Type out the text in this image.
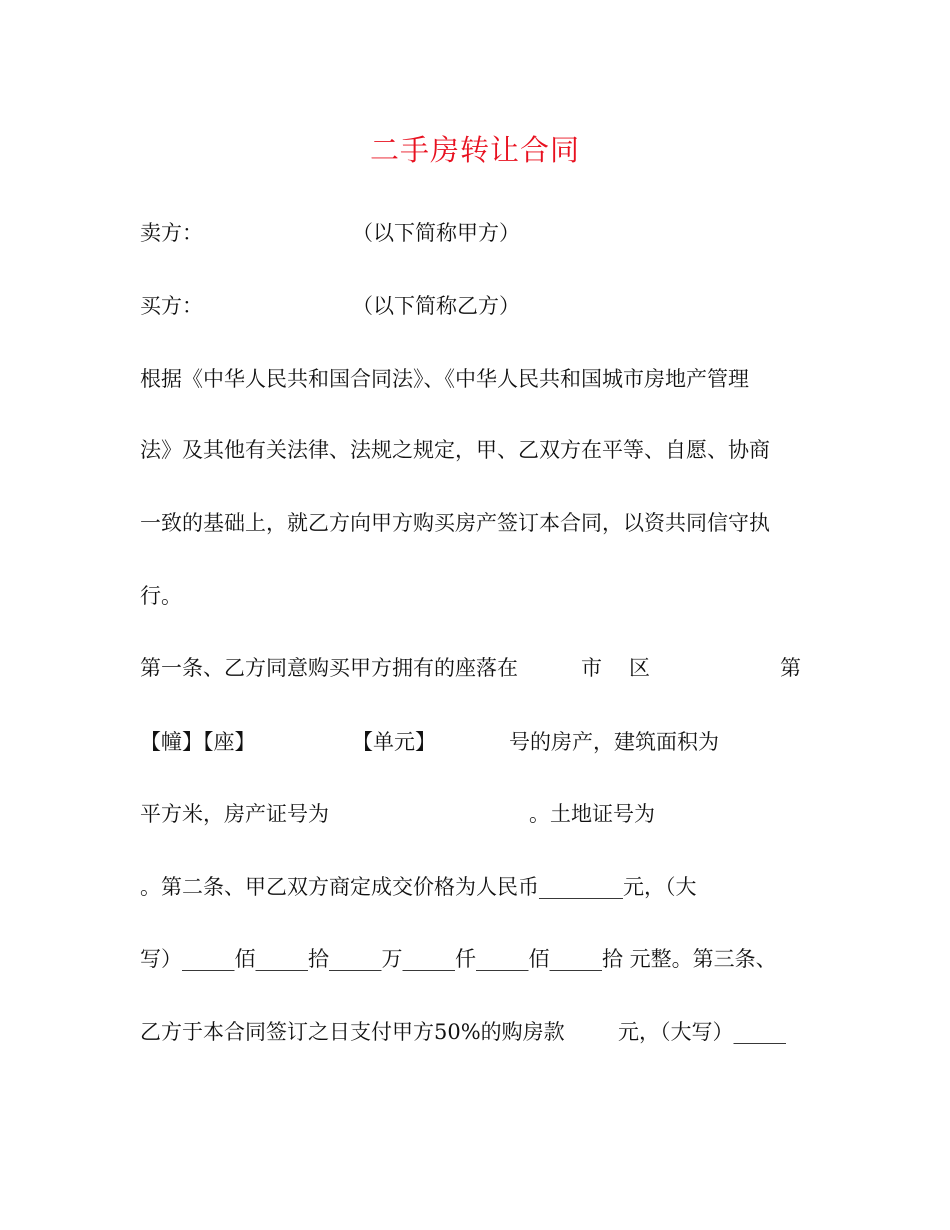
二手房转让合同
卖方：	（以下简称甲方）
买方：	（以下简称乙方）
根据《中华人民共和国合同法》、《中华人民共和国城市房地产管理
法》及其他有关法律、法规之规定，甲、乙双方在平等、自愿、协商
一致的基础上，就乙方向甲方购买房产签订本合同，以资共同信守执
行。
第一条、乙方同意购买甲方拥有的座落在	市 区	第
【幢】【座】	【单元】	号的房产，建筑面积为
平方米，房产证号为	。土地证号为
。第二条、甲乙双方商定成交价格为人民币________元，（大
写）_____佰_____拾_____万_____仟_____佰_____拾 元整。第三条、
乙方于本合同签订之日支付甲方50%的购房款	元，（大写）_____
